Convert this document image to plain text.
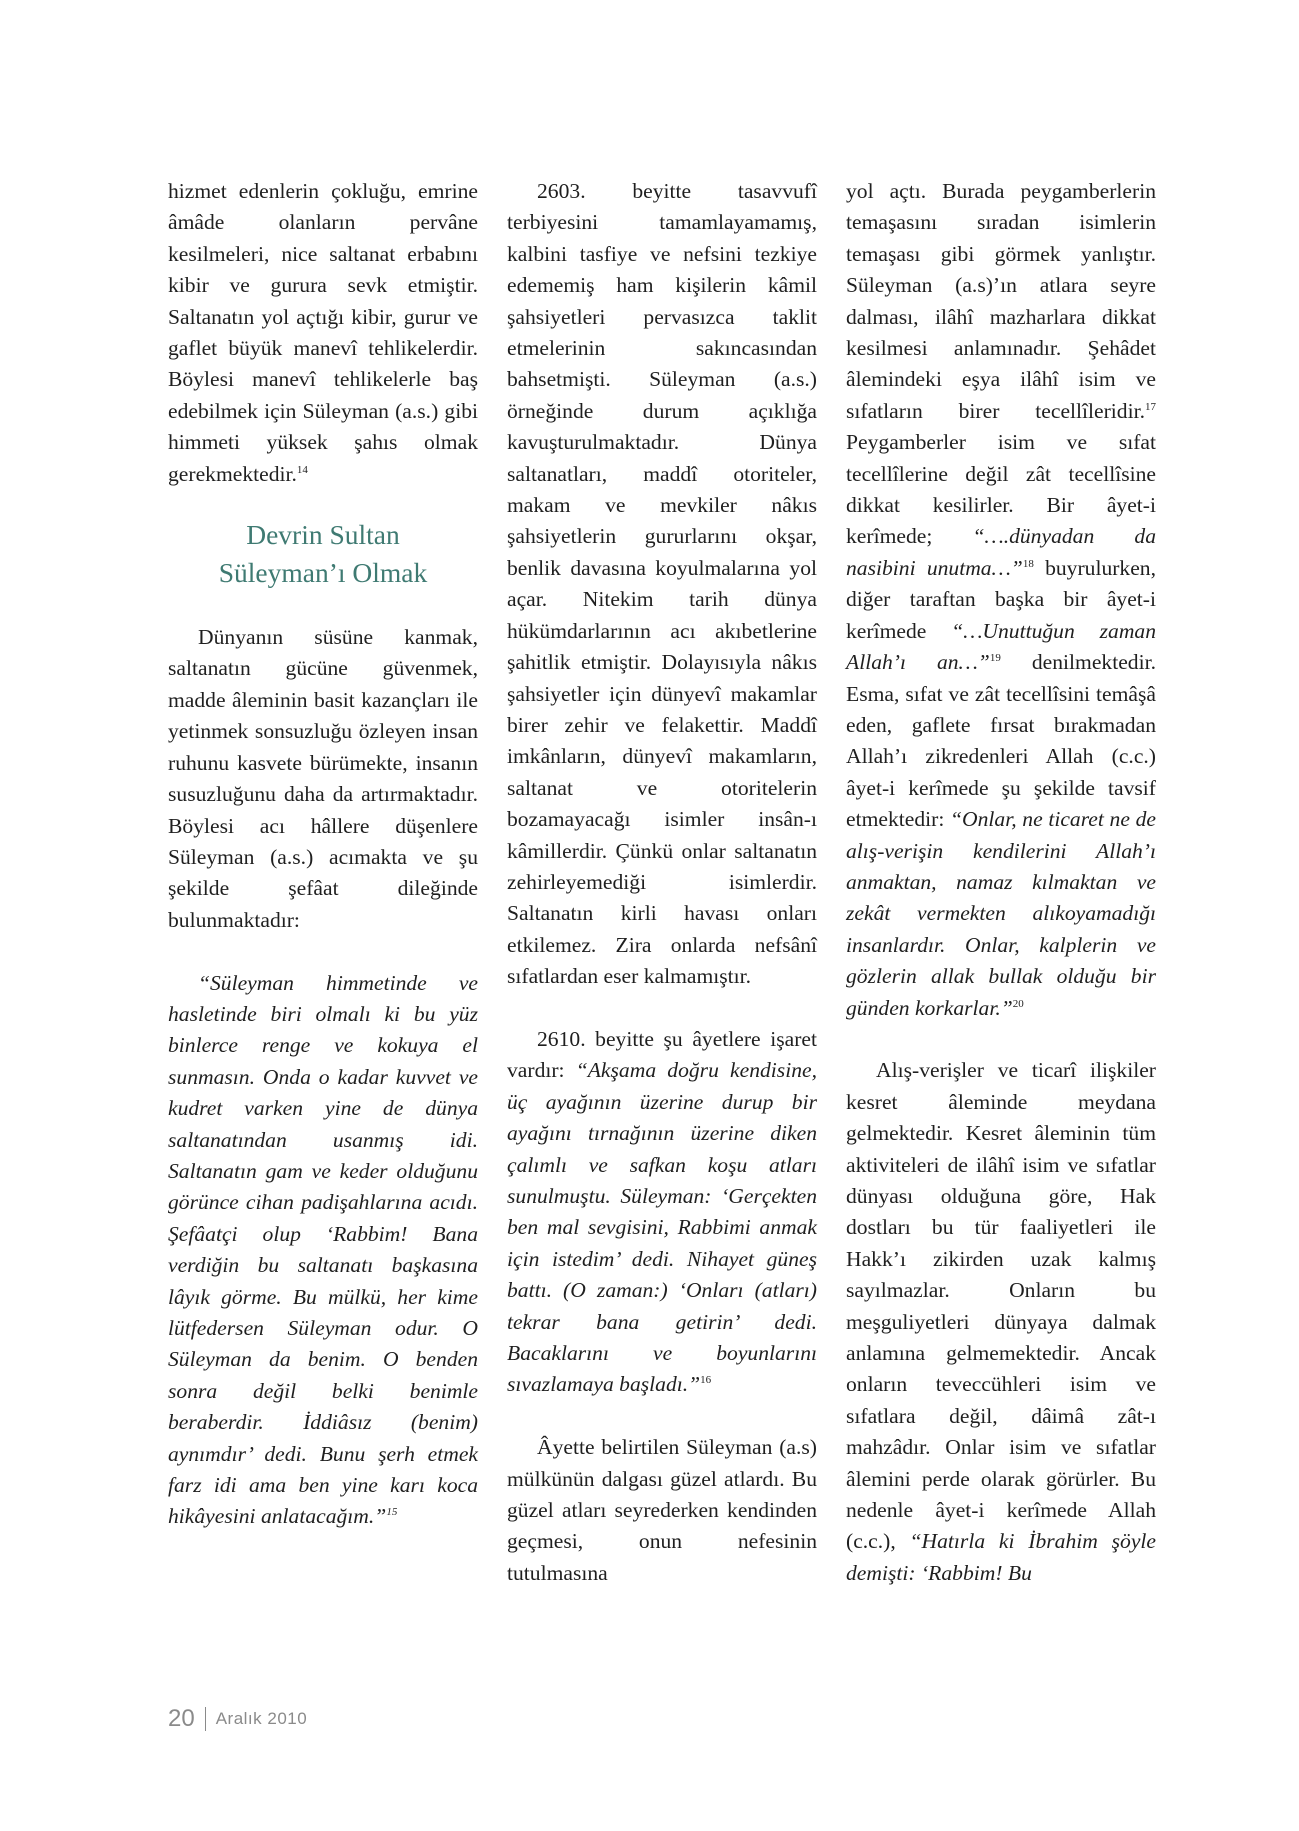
hizmet edenlerin çokluğu, emrine âmâde olanların pervâne kesilmeleri, nice saltanat erbabını kibir ve gurura sevk etmiştir. Saltanatın yol açtığı kibir, gurur ve gaflet büyük manevî tehlikelerdir. Böylesi manevî tehlikelerle baş edebilmek için Süleyman (a.s.) gibi himmeti yüksek şahıs olmak gerekmektedir.$^{14}$

Devrin Sultan
Süleyman’ı Olmak

Dünyanın süsüne kanmak, saltanatın gücüne güvenmek, madde âleminin basit kazançları ile yetinmek sonsuzluğu özleyen insan ruhunu kasvete bürümekte, insanın susuzluğunu daha da artırmaktadır. Böylesi acı hâllere düşenlere Süleyman (a.s.) acımakta ve şu şekilde şefâat dileğinde bulunmaktadır:

“Süleyman himmetinde ve hasletinde biri olmalı ki bu yüz binlerce renge ve kokuya el sunmasın. Onda o kadar kuvvet ve kudret varken yine de dünya saltanatından usanmış idi. Saltanatın gam ve keder olduğunu görünce cihan padişahlarına acıdı. Şefâatçi olup ‘Rabbim! Bana verdiğin bu saltanatı başkasına lâyık görme. Bu mülkü, her kime lütfedersen Süleyman odur. O Süleyman da benim. O benden sonra değil belki benimle beraberdir. İddiâsız (benim) aynımdır’ dedi. Bunu şerh etmek farz idi ama ben yine karı koca hikâyesini anlatacağım.”$^{15}$

2603. beyitte tasavvufî terbiyesini tamamlayamamış, kalbini tasfiye ve nefsini tezkiye edememiş ham kişilerin kâmil şahsiyetleri pervasızca taklit etmelerinin sakıncasından bahsetmişti. Süleyman (a.s.) örneğinde durum açıklığa kavuşturulmaktadır. Dünya saltanatları, maddî otoriteler, makam ve mevkiler nâkıs şahsiyetlerin gururlarını okşar, benlik davasına koyulmalarına yol açar. Nitekim tarih dünya hükümdarlarının acı akıbetlerine şahitlik etmiştir. Dolayısıyla nâkıs şahsiyetler için dünyevî makamlar birer zehir ve felakettir. Maddî imkânların, dünyevî makamların, saltanat ve otoritelerin bozamayacağı isimler insân-ı kâmillerdir. Çünkü onlar saltanatın zehirleyemediği isimlerdir. Saltanatın kirli havası onları etkilemez. Zira onlarda nefsânî sıfatlardan eser kalmamıştır.

2610. beyitte şu âyetlere işaret vardır: “Akşama doğru kendisine, üç ayağının üzerine durup bir ayağını tırnağının üzerine diken çalımlı ve safkan koşu atları sunulmuştu. Süleyman: ‘Gerçekten ben mal sevgisini, Rabbimi anmak için istedim’ dedi. Nihayet güneş battı. (O zaman:) ‘Onları (atları) tekrar bana getirin’ dedi. Bacaklarını ve boyunlarını sıvazlamaya başladı.”$^{16}$

Âyette belirtilen Süleyman (a.s) mülkünün dalgası güzel atlardı. Bu güzel atları seyrederken kendinden geçmesi, onun nefesinin tutulmasına

yol açtı. Burada peygamberlerin temaşasını sıradan isimlerin temaşası gibi görmek yanlıştır. Süleyman (a.s)’ın atlara seyre dalması, ilâhî mazharlara dikkat kesilmesi anlamınadır. Şehâdet âlemindeki eşya ilâhî isim ve sıfatların birer tecellîleridir.$^{17}$ Peygamberler isim ve sıfat tecellîlerine değil zât tecellîsine dikkat kesilirler. Bir âyet-i kerîmede; “….dünyadan da nasibini unutma…”$^{18}$ buyrulurken, diğer taraftan başka bir âyet-i kerîmede “…Unuttuğun zaman Allah’ı an…”$^{19}$ denilmektedir. Esma, sıfat ve zât tecellîsini temâşâ eden, gaflete fırsat bırakmadan Allah’ı zikredenleri Allah (c.c.) âyet-i kerîmede şu şekilde tavsif etmektedir: “Onlar, ne ticaret ne de alış-verişin kendilerini Allah’ı anmaktan, namaz kılmaktan ve zekât vermekten alıkoyamadığı insanlardır. Onlar, kalplerin ve gözlerin allak bullak olduğu bir günden korkarlar.”$^{20}$

Alış-verişler ve ticarî ilişkiler kesret âleminde meydana gelmektedir. Kesret âleminin tüm aktiviteleri de ilâhî isim ve sıfatlar dünyası olduğuna göre, Hak dostları bu tür faaliyetleri ile Hakk’ı zikirden uzak kalmış sayılmazlar. Onların bu meşguliyetleri dünyaya dalmak anlamına gelmemektedir. Ancak onların teveccühleri isim ve sıfatlara değil, dâimâ zât-ı mahzâdır. Onlar isim ve sıfatlar âlemini perde olarak görürler. Bu nedenle âyet-i kerîmede Allah (c.c.), “Hatırla ki İbrahim şöyle demişti: ‘Rabbim! Bu

20 Aralık 2010
